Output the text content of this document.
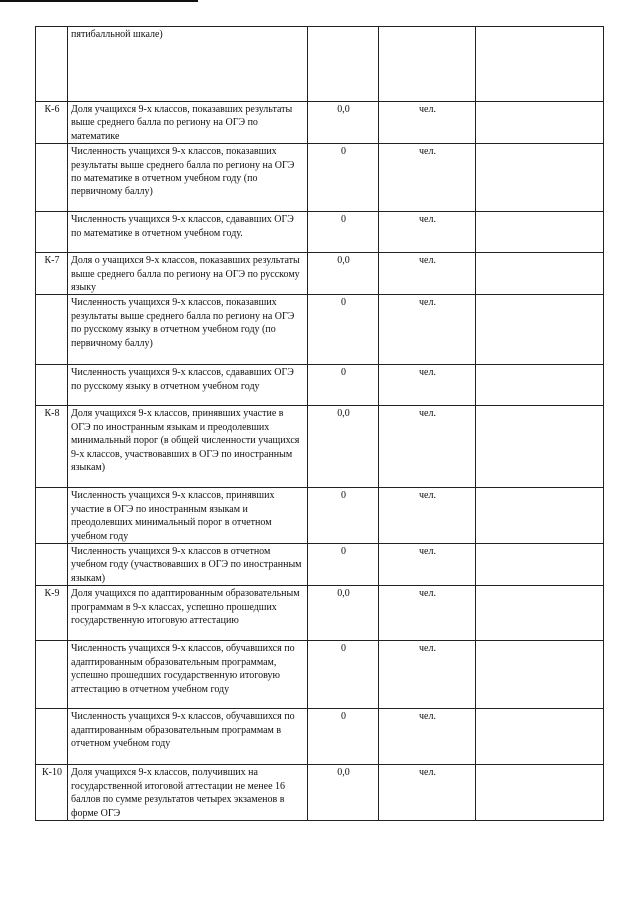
	пятибалльной шкале)			
К-6	Доля учащихся 9-х классов, показавших результаты выше среднего балла по региону на ОГЭ по математике	0,0	чел.	
	Численность учащихся 9-х классов, показавших результаты выше среднего балла по региону на ОГЭ по математике в отчетном учебном году (по первичному баллу)	0	чел.	
	Численность учащихся 9-х классов, сдававших ОГЭ по математике в отчетном учебном году.	0	чел.	
К-7	Доля о учащихся 9-х классов, показавших результаты выше среднего балла по региону на ОГЭ по русскому языку	0,0	чел.	
	Численность учащихся 9-х классов, показавших результаты выше среднего балла по региону на ОГЭ по русскому языку в отчетном учебном году (по первичному баллу)	0	чел.	
	Численность учащихся 9-х классов, сдававших ОГЭ по русскому языку в отчетном учебном году	0	чел.	
К-8	Доля учащихся 9-х классов, принявших участие в ОГЭ по иностранным языкам и преодолевших минимальный порог (в общей численности учащихся 9-х классов, участвовавших в ОГЭ по иностранным языкам)	0,0	чел.	
	Численность учащихся 9-х классов, принявших участие в ОГЭ по иностранным языкам и преодолевших минимальный порог в отчетном учебном году	0	чел.	
	Численность учащихся 9-х классов в отчетном учебном году (участвовавших в ОГЭ по иностранным языкам)	0	чел.	
К-9	Доля учащихся по адаптированным образовательным программам в 9-х классах, успешно прошедших государственную итоговую аттестацию	0,0	чел.	
	Численность учащихся 9-х классов, обучавшихся по адаптированным образовательным программам, успешно прошедших государственную итоговую аттестацию в отчетном учебном году	0	чел.	
	Численность учащихся 9-х классов, обучавшихся по адаптированным образовательным программам в отчетном учебном году	0	чел.	
К-10	Доля учащихся 9-х классов, получивших на государственной итоговой аттестации не менее 16 баллов по сумме результатов четырех экзаменов в форме ОГЭ	0,0	чел.	
